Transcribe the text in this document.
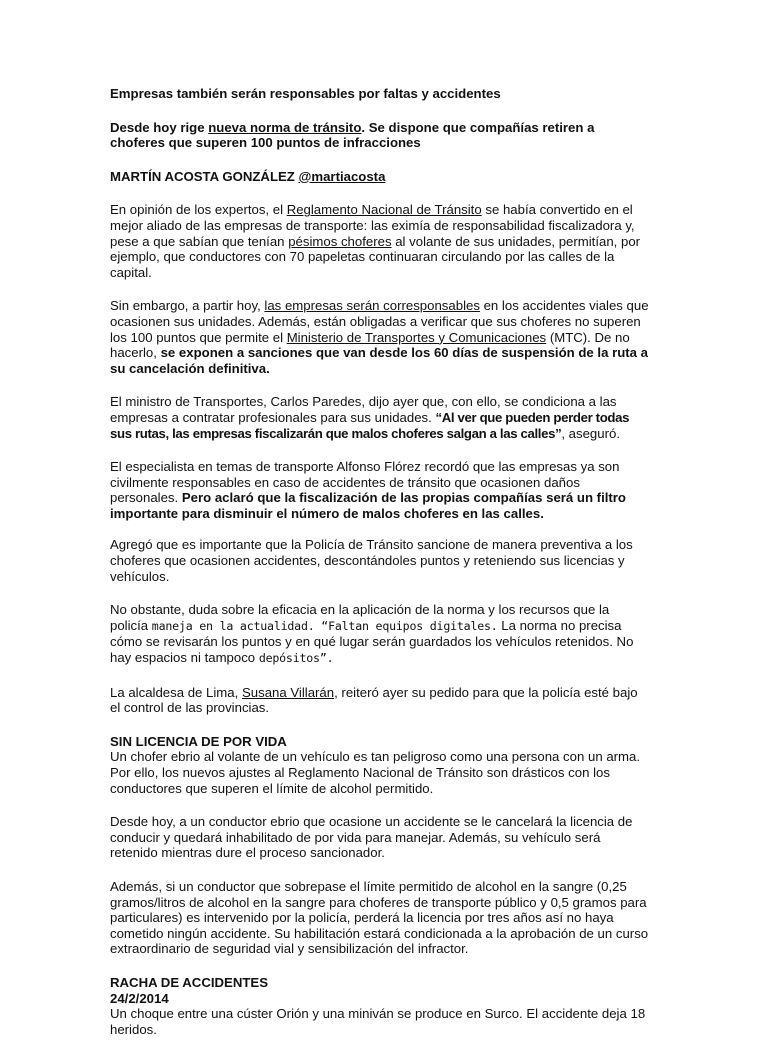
Empresas también serán responsables por faltas y accidentes

Desde hoy rige nueva norma de tránsito. Se dispone que compañías retiren a choferes que superen 100 puntos de infracciones

MARTÍN ACOSTA GONZÁLEZ @martiacosta

En opinión de los expertos, el Reglamento Nacional de Tránsito se había convertido en el mejor aliado de las empresas de transporte: las eximía de responsabilidad fiscalizadora y, pese a que sabían que tenían pésimos choferes al volante de sus unidades, permitían, por ejemplo, que conductores con 70 papeletas continuaran circulando por las calles de la capital.

Sin embargo, a partir hoy, las empresas serán corresponsables en los accidentes viales que ocasionen sus unidades. Además, están obligadas a verificar que sus choferes no superen los 100 puntos que permite el Ministerio de Transportes y Comunicaciones (MTC). De no hacerlo, se exponen a sanciones que van desde los 60 días de suspensión de la ruta a su cancelación definitiva.

El ministro de Transportes, Carlos Paredes, dijo ayer que, con ello, se condiciona a las empresas a contratar profesionales para sus unidades. “Al ver que pueden perder todas sus rutas, las empresas fiscalizarán que malos choferes salgan a las calles”, aseguró.

El especialista en temas de transporte Alfonso Flórez recordó que las empresas ya son civilmente responsables en caso de accidentes de tránsito que ocasionen daños personales. Pero aclaró que la fiscalización de las propias compañías será un filtro importante para disminuir el número de malos choferes en las calles.

Agregó que es importante que la Policía de Tránsito sancione de manera preventiva a los choferes que ocasionen accidentes, descontándoles puntos y reteniendo sus licencias y vehículos.

No obstante, duda sobre la eficacia en la aplicación de la norma y los recursos que la policía maneja en la actualidad. “Faltan equipos digitales. La norma no precisa cómo se revisarán los puntos y en qué lugar serán guardados los vehículos retenidos. No hay espacios ni tampoco depósitos”.

La alcaldesa de Lima, Susana Villarán, reiteró ayer su pedido para que la policía esté bajo el control de las provincias.

SIN LICENCIA DE POR VIDA

Un chofer ebrio al volante de un vehículo es tan peligroso como una persona con un arma. Por ello, los nuevos ajustes al Reglamento Nacional de Tránsito son drásticos con los conductores que superen el límite de alcohol permitido.

Desde hoy, a un conductor ebrio que ocasione un accidente se le cancelará la licencia de conducir y quedará inhabilitado de por vida para manejar. Además, su vehículo será retenido mientras dure el proceso sancionador.

Además, si un conductor que sobrepase el límite permitido de alcohol en la sangre (0,25 gramos/litros de alcohol en la sangre para choferes de transporte público y 0,5 gramos para particulares) es intervenido por la policía, perderá la licencia por tres años así no haya cometido ningún accidente. Su habilitación estará condicionada a la aprobación de un curso extraordinario de seguridad vial y sensibilización del infractor.

RACHA DE ACCIDENTES

24/2/2014

Un choque entre una cúster Orión y una miniván se produce en Surco. El accidente deja 18 heridos.
